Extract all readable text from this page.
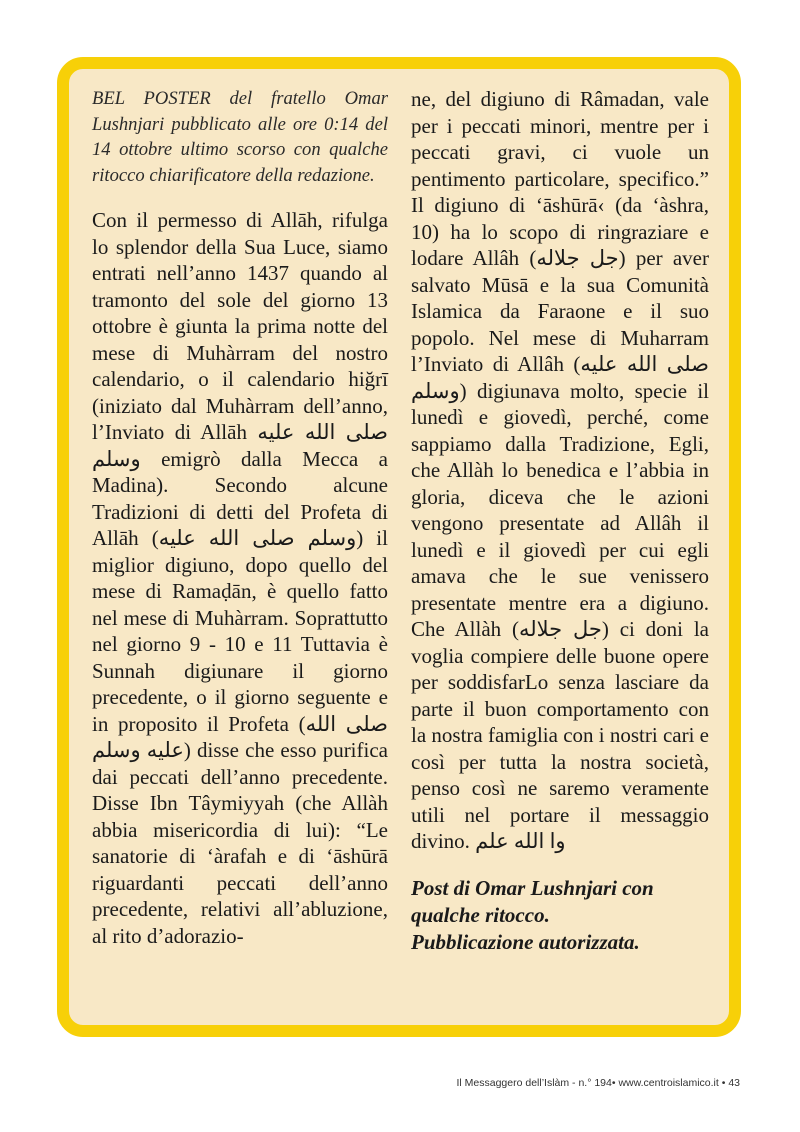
BEL POSTER del fratello Omar Lushnjari pubblicato alle ore 0:14 del 14 ottobre ultimo scorso con qualche ritocco chiarificatore della redazione.

Con il permesso di Allāh, rifulga lo splendor della Sua Luce, siamo entrati nell’anno 1437 quando al tramonto del sole del giorno 13 ottobre è giunta la prima notte del mese di Muhàrram del nostro calendario, o il calendario hiğrī (iniziato dal Muhàrram dell’anno, l’Inviato di Allāh صلى الله عليه وسلم emigrò dalla Mecca a Madina). Secondo alcune Tradizioni di detti del Profeta di Allāh (وسلم صلى الله عليه) il miglior digiuno, dopo quello del mese di Ramaḍān, è quello fatto nel mese di Muhàrram. Soprattutto nel giorno 9 - 10 e 11 Tuttavia è Sunnah digiunare il giorno precedente, o il giorno seguente e in proposito il Profeta (صلى الله عليه وسلم) disse che esso purifica dai peccati dell’anno precedente. Disse Ibn Tâymiyyah (che Allàh abbia misericordia di lui): “Le sanatorie di ‘àrafah e di ‘āshūrā riguardanti peccati dell’anno precedente, relativi all’abluzione, al rito d’adorazio-

ne, del digiuno di Râmadan, vale per i peccati minori, mentre per i peccati gravi, ci vuole un pentimento particolare, specifico.” Il digiuno di ‘āshūrā‹ (da ‘àshra, 10) ha lo scopo di ringraziare e lodare Allâh (جل جلاله) per aver salvato Mūsā e la sua Comunità Islamica da Faraone e il suo popolo. Nel mese di Muharram l’Inviato di Allâh (صلى الله عليه وسلم) digiunava molto, specie il lunedì e giovedì, perché, come sappiamo dalla Tradizione, Egli, che Allàh lo benedica e l’abbia in gloria, diceva che le azioni vengono presentate ad Allâh il lunedì e il giovedì per cui egli amava che le sue venissero presentate mentre era a digiuno. Che Allàh (جل جلاله) ci doni la voglia compiere delle buone opere per soddisfarLo senza lasciare da parte il buon comportamento con la nostra famiglia con i nostri cari e così per tutta la nostra società, penso così ne saremo veramente utili nel portare il messaggio divino. وا الله علم

Post di Omar Lushnjari con
qualche ritocco.
Pubblicazione autorizzata.

Il Messaggero dell’Islàm - n.° 194• www.centroislamico.it • 43
